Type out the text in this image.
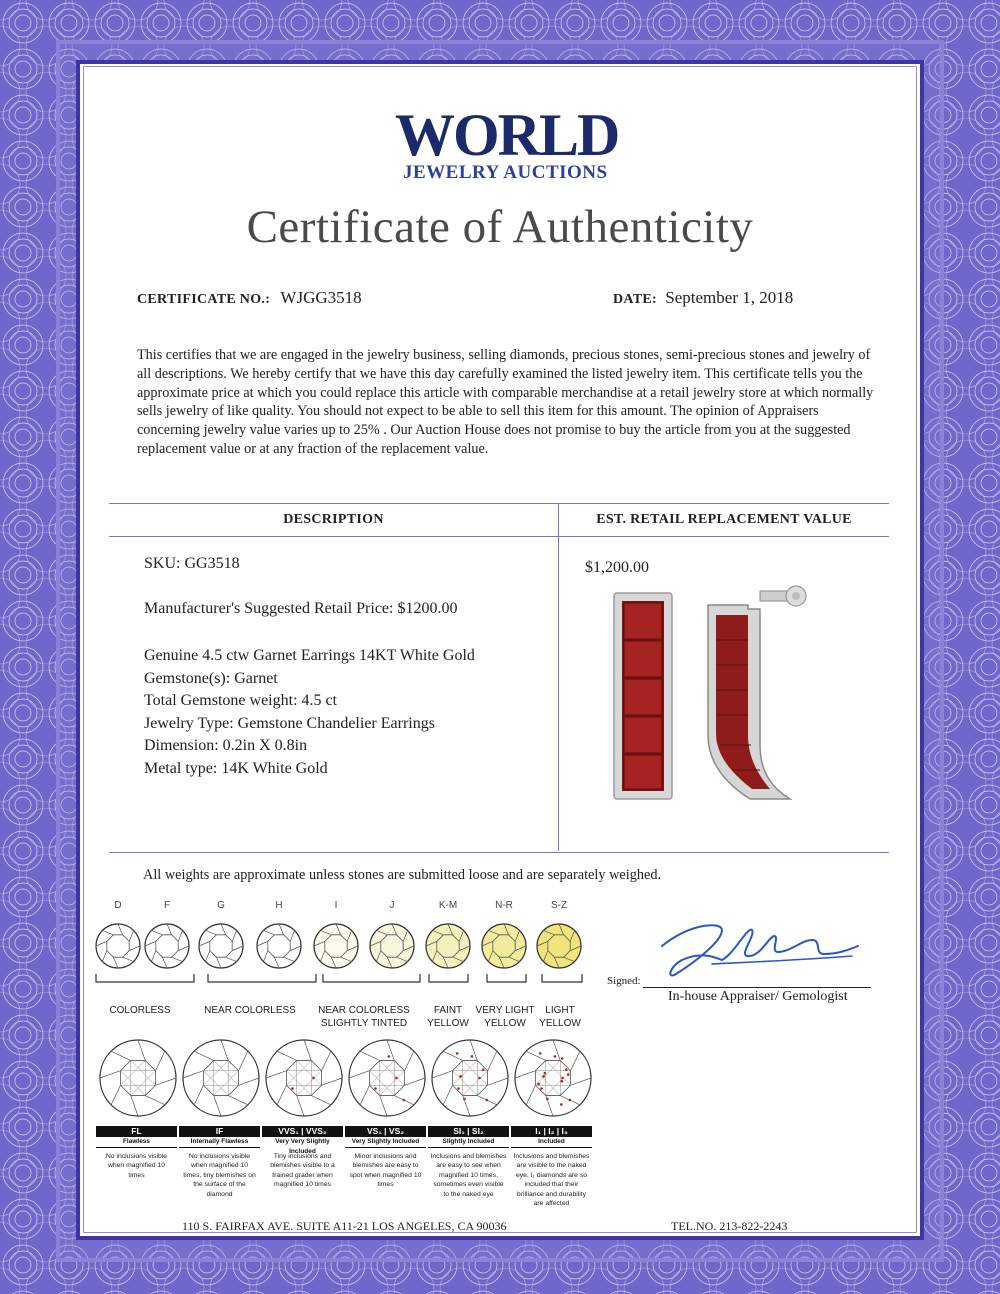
WORLD
JEWELRY AUCTIONS
Certificate of Authenticity
CERTIFICATE NO.: WJGG3518	DATE: September 1, 2018
This certifies that we are engaged in the jewelry business, selling diamonds, precious stones, semi-precious stones and jewelry of all descriptions. We hereby certify that we have this day carefully examined the listed jewelry item. This certificate tells you the approximate price at which you could replace this article with comparable merchandise at a retail jewelry store at which normally sells jewelry of like quality. You should not expect to be able to sell this item for this amount. The opinion of Appraisers concerning jewelry value varies up to 25% . Our Auction House does not promise to buy the article from you at the suggested replacement value or at any fraction of the replacement value.
DESCRIPTION	EST. RETAIL REPLACEMENT VALUE
SKU: GG3518
Manufacturer's Suggested Retail Price: $1200.00
Genuine 4.5 ctw Garnet Earrings 14KT White Gold
Gemstone(s): Garnet
Total Gemstone weight: 4.5 ct
Jewelry Type: Gemstone Chandelier Earrings
Dimension: 0.2in X 0.8in
Metal type: 14K White Gold
$1,200.00
All weights are approximate unless stones are submitted loose and are separately weighed.
D	F	G	H	I	J	K-M	N-R	S-Z
COLORLESS	NEAR COLORLESS	NEAR COLORLESS
SLIGHTLY TINTED
FAINT
YELLOW
VERY LIGHT
YELLOW
LIGHT
YELLOW
FL
Flawless
No inclusions visible
when magnified 10
times
IF
Internally Flawless
No inclusions visible
when magnified 10
times, tiny blemishes on
the surface of the
diamond
VVS₁ | VVS₂
Very Very Slightly Included
Tiny inclusions and
blemishes visible to a
trained grader when
magnified 10 times
VS₁ | VS₂
Very Slightly Included
Minor inclusions and
blemishes are easy to
spot when magnified 10
times
SI₁ | SI₂
Slightly Included
Inclusions and blemishes
are easy to see when
magnified 10 times,
sometimes even visible
to the naked eye
I₁ | I₂ | I₃
Included
Inclusions and blemishes
are visible to the naked
eye. I₁ diamonds are so
included that their
brilliance and durability
are affected
Signed:
In-house Appraiser/ Gemologist
110 S. FAIRFAX AVE. SUITE A11-21 LOS ANGELES, CA 90036	TEL.NO. 213-822-2243
